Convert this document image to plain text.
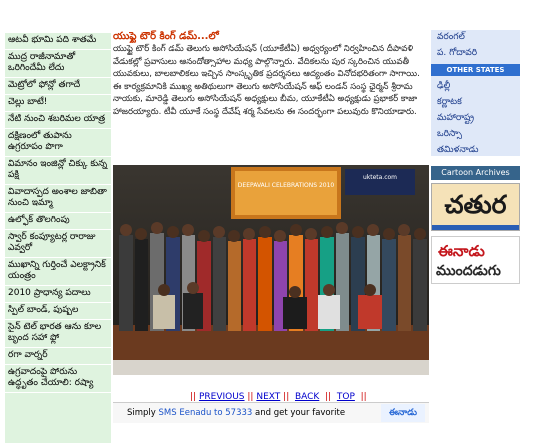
ఆటవీ భూమి పది శాతమే
ముద్ర రాజీనామాతో ఒరిగిందేమీ లేదు
మెట్రోలో ఫోన్లో తగాదే
చెల్లు బాటే!
నేటి నుంచి శబరిమల యాత్ర
దక్షిణంలో తుపాను ఉగ్రరూపం పొగా
విమానం ఇంజిన్లో చిక్కు కున్న పక్షి
వివాదాస్పద అంశాల జాబితా నుంచి ఇమ్మా
ఉల్ఫోక్ తొలగింపు
స్వార్ కంప్యూటర్ల రారాజు ఎవ్వరో
ముఖాన్ని గుర్తించే ఎలక్ట్రానిక్ యంత్రం
2010 ప్రాధాన్య పదాలు
స్పిల్ బాండ్, పుష్పల
సైన్ టెల్ భారత ఆను కూల బృంద సహా ఫ్లో
రగా వార్నర్
ఉగ్రవాదంపై పోరును ఉద్ధృతం చేయాలి: రష్యా
యుఫ్టై టౌర్ కింగ్ డమ్...లో
యుఫ్టై టౌర్ కింగ్ డమ్ తెలుగు అసోసియేషన్ (యూకేటీఏ) అధ్వర్యంలో నిర్వహించిన దీపావళి వేడుకల్లో ప్రవాసులు ఆనందోత్సాహాల మధ్య పాల్గొన్నారు. వేదికలను పుర స్కరించిన యువతీ యువకులు, బాలబాలికలు ఇచ్చిన సాంస్కృతిక ప్రదర్శనలు ఆద్యంతం వినోదభరితంగా సాగాయి. ఈ కార్యక్రమానికి ముఖ్య అతిథులుగా తెలుగు అసోసియేషన్ ఆఫ్ లండన్ సంస్థ ఛైర్మన్ శ్రీరామ నాయకు, మారెడ్డి తెలుగు అసోసియేషన్ అధ్యక్షులు బీమ, యూకేటీఏ అధ్యక్షుడు ప్రభాకర్ కాజా హాజరయ్యారు. టీవీ యూకే సంస్థ దేవేష్ శర్మ సేవలను ఈ సందర్భంగా పలువురు కొనియాడారు.
DEEPAVALI CELEBRATIONS 2010
ukteta.com
|| PREVIOUS || NEXT || BACK || TOP ||
Simply SMS Eenadu to 57333 and get your favorite	ఈనాడు
వరంగల్
ప. గోదావరి
OTHER STATES
ఢిల్లీ
కర్ణాటక
మహారాష్ట్ర
ఒరిస్సా
తమిళనాడు
Cartoon Archives
చతుర
ఈనాడు
ముందడుగు
